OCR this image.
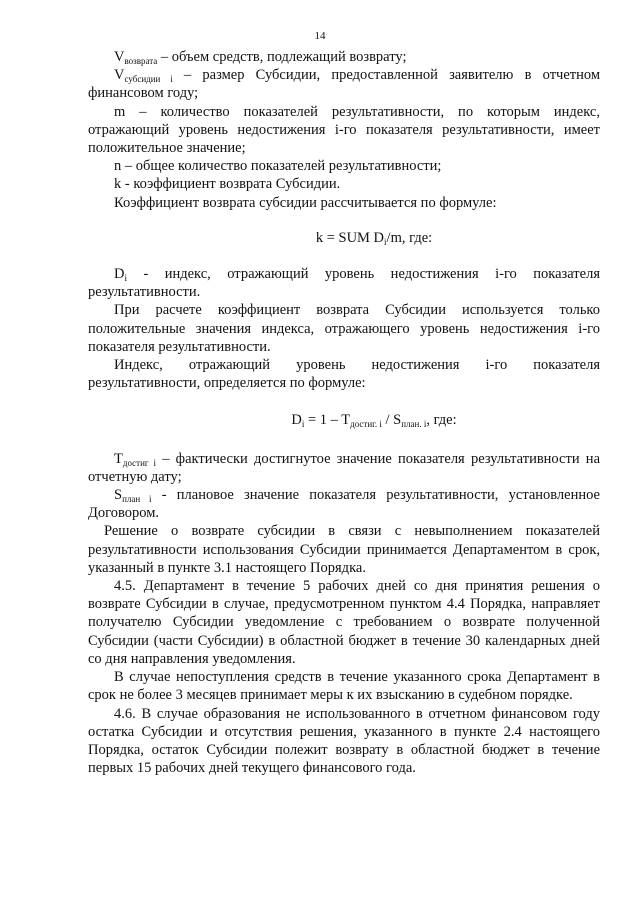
14

$V_{возврата}$ – объем средств, подлежащий возврату;

$V_{субсидии i}$ – размер Субсидии, предоставленной заявителю в отчетном финансовом году;

m – количество показателей результативности, по которым индекс, отражающий уровень недостижения i-го показателя результативности, имеет положительное значение;

n – общее количество показателей результативности;

k - коэффициент возврата Субсидии.

Коэффициент возврата субсидии рассчитывается по формуле:

k = SUM $D_i/m$, где:

$D_i$ - индекс, отражающий уровень недостижения i-го показателя результативности.

При расчете коэффициент возврата Субсидии используется только положительные значения индекса, отражающего уровень недостижения i-го показателя результативности.

Индекс, отражающий уровень недостижения i-го показателя результативности, определяется по формуле:

$D_i = 1 - T_{достиг. i} / S_{план. i}$, где:

$T_{достиг i}$ – фактически достигнутое значение показателя результативности на отчетную дату;

$S_{план i}$ - плановое значение показателя результативности, установленное Договором.

Решение о возврате субсидии в связи с невыполнением показателей результативности использования Субсидии принимается Департаментом в срок, указанный в пункте 3.1 настоящего Порядка.

4.5. Департамент в течение 5 рабочих дней со дня принятия решения о возврате Субсидии в случае, предусмотренном пунктом 4.4 Порядка, направляет получателю Субсидии уведомление с требованием о возврате полученной Субсидии (части Субсидии) в областной бюджет в течение 30 календарных дней со дня направления уведомления.

В случае непоступления средств в течение указанного срока Департамент в срок не более 3 месяцев принимает меры к их взысканию в судебном порядке.

4.6. В случае образования не использованного в отчетном финансовом году остатка Субсидии и отсутствия решения, указанного в пункте 2.4 настоящего Порядка, остаток Субсидии полежит возврату в областной бюджет в течение первых 15 рабочих дней текущего финансового года.
